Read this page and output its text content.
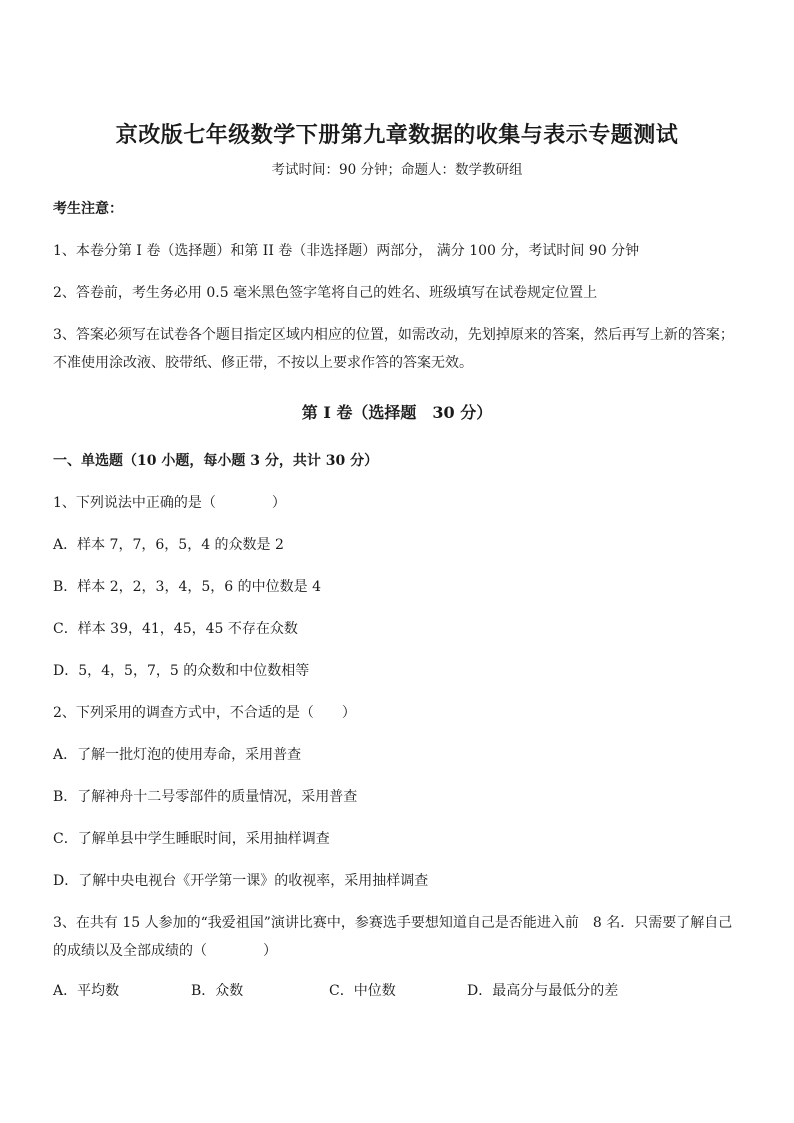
京改版七年级数学下册第九章数据的收集与表示专题测试
考试时间：90 分钟；命题人：数学教研组
考生注意：
1、本卷分第 I 卷（选择题）和第 II 卷（非选择题）两部分， 满分 100 分，考试时间 90 分钟
2、答卷前，考生务必用 0.5 毫米黑色签字笔将自己的姓名、班级填写在试卷规定位置上
3、答案必须写在试卷各个题目指定区域内相应的位置，如需改动，先划掉原来的答案，然后再写上新的答案；不准使用涂改液、胶带纸、修正带，不按以上要求作答的答案无效。
第 I 卷（选择题　30 分）
一、单选题（10 小题，每小题 3 分，共计 30 分）
1、下列说法中正确的是（　　　　）
A．样本 7，7，6，5，4 的众数是 2
B．样本 2，2，3，4，5，6 的中位数是 4
C．样本 39，41，45，45 不存在众数
D．5，4，5，7，5 的众数和中位数相等
2、下列采用的调查方式中，不合适的是（　　）
A．了解一批灯泡的使用寿命，采用普查
B．了解神舟十二号零部件的质量情况，采用普查
C．了解单县中学生睡眠时间，采用抽样调查
D．了解中央电视台《开学第一课》的收视率，采用抽样调查
3、在共有 15 人参加的“我爱祖国”演讲比赛中，参赛选手要想知道自己是否能进入前　8 名．只需要了解自己的成绩以及全部成绩的（　　　　）
A．平均数	B．众数	C．中位数	D．最高分与最低分的差
